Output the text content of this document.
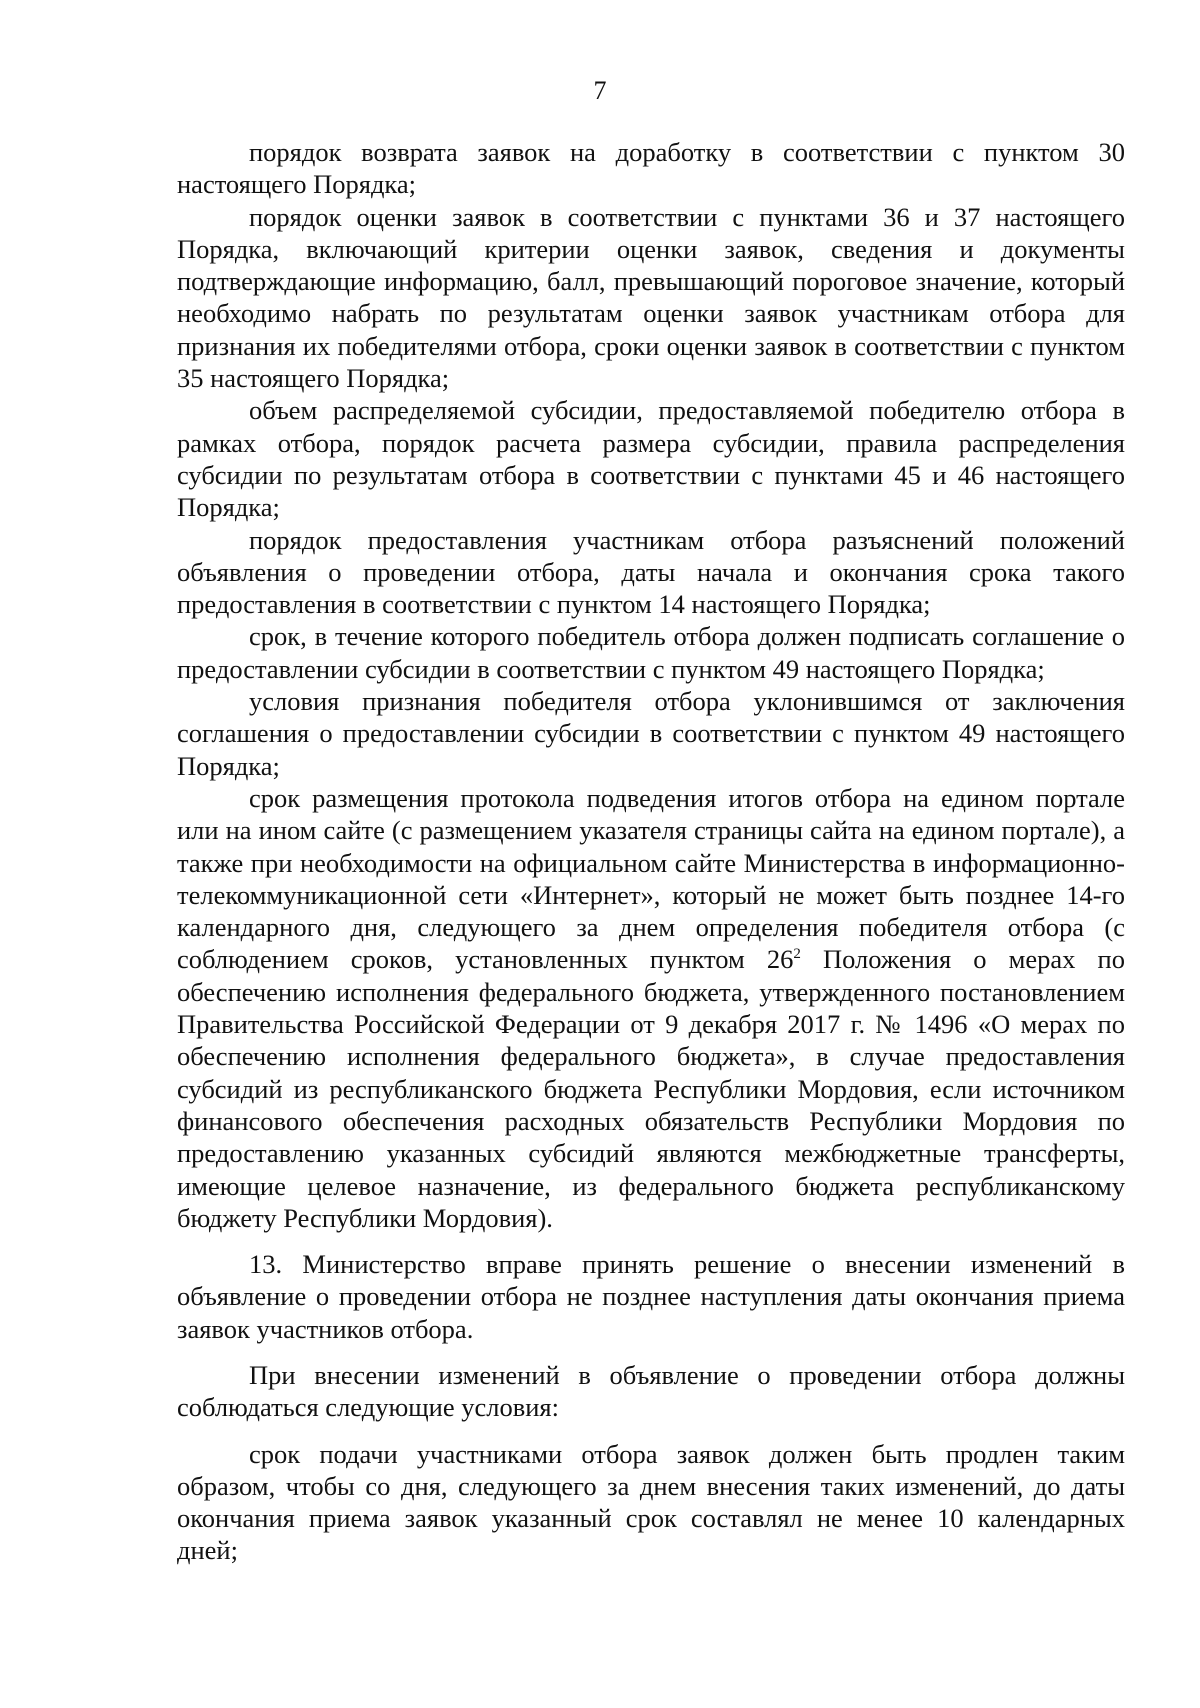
7

порядок возврата заявок на доработку в соответствии с пунктом 30 настоящего Порядка;

порядок оценки заявок в соответствии с пунктами 36 и 37 настоящего Порядка, включающий критерии оценки заявок, сведения и документы подтверждающие информацию, балл, превышающий пороговое значение, который необходимо набрать по результатам оценки заявок участникам отбора для признания их победителями отбора, сроки оценки заявок в соответствии с пунктом 35 настоящего Порядка;

объем распределяемой субсидии, предоставляемой победителю отбора в рамках отбора, порядок расчета размера субсидии, правила распределения субсидии по результатам отбора в соответствии с пунктами 45 и 46 настоящего Порядка;

порядок предоставления участникам отбора разъяснений положений объявления о проведении отбора, даты начала и окончания срока такого предоставления в соответствии с пунктом 14 настоящего Порядка;

срок, в течение которого победитель отбора должен подписать соглашение о предоставлении субсидии в соответствии с пунктом 49 настоящего Порядка;

условия признания победителя отбора уклонившимся от заключения соглашения о предоставлении субсидии в соответствии с пунктом 49 настоящего Порядка;

срок размещения протокола подведения итогов отбора на едином портале или на ином сайте (с размещением указателя страницы сайта на едином портале), а также при необходимости на официальном сайте Министерства в информационно-телекоммуникационной сети «Интернет», который не может быть позднее 14-го календарного дня, следующего за днем определения победителя отбора (с соблюдением сроков, установленных пунктом $26^2$ Положения о мерах по обеспечению исполнения федерального бюджета, утвержденного постановлением Правительства Российской Федерации от 9 декабря 2017 г. № 1496 «О мерах по обеспечению исполнения федерального бюджета», в случае предоставления субсидий из республиканского бюджета Республики Мордовия, если источником финансового обеспечения расходных обязательств Республики Мордовия по предоставлению указанных субсидий являются межбюджетные трансферты, имеющие целевое назначение, из федерального бюджета республиканскому бюджету Республики Мордовия).

13. Министерство вправе принять решение о внесении изменений в объявление о проведении отбора не позднее наступления даты окончания приема заявок участников отбора.

При внесении изменений в объявление о проведении отбора должны соблюдаться следующие условия:

срок подачи участниками отбора заявок должен быть продлен таким образом, чтобы со дня, следующего за днем внесения таких изменений, до даты окончания приема заявок указанный срок составлял не менее 10 календарных дней;
